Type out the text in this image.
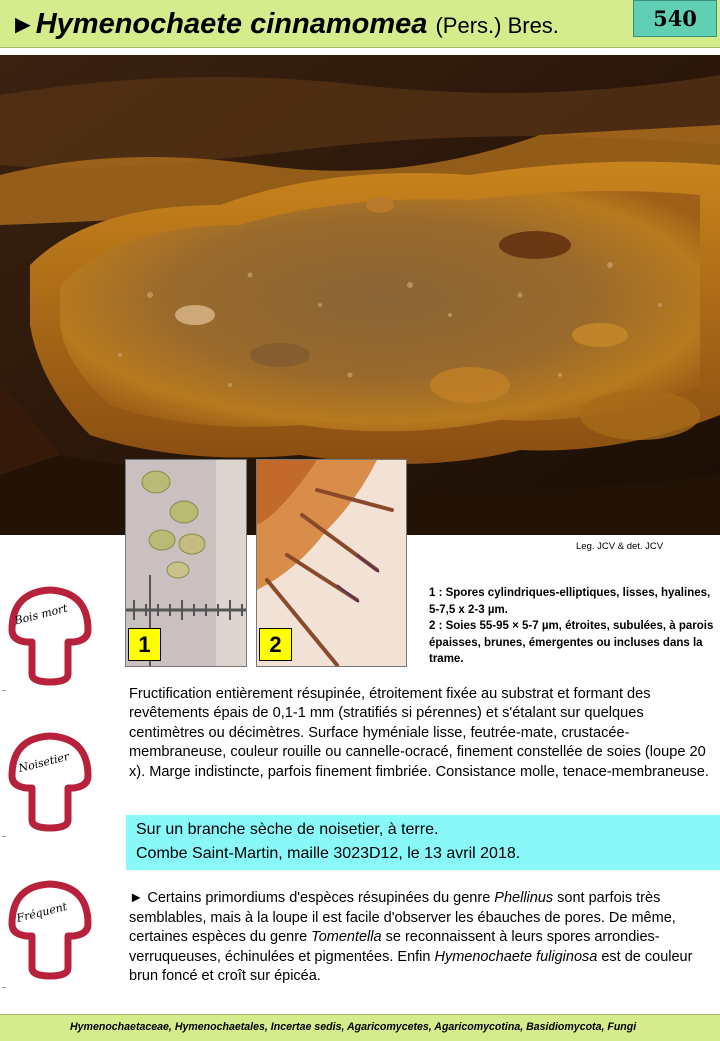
►Hymenochaete cinnamomea (Pers.) Bres.	540
1	2
Leg. JCV & det. JCV

1 : Spores cylindriques-elliptiques, lisses, hyalines, 5-7,5 x 2-3 µm.

2 : Soies 55-95 × 5-7 µm, étroites, subulées, à parois épaisses, brunes, émergentes ou incluses dans la trame.

Bois mort
Noisetier
Fréquent
Fructification entièrement résupinée, étroitement fixée au substrat et formant des revêtements épais de 0,1-1 mm (stratifiés si pérennes) et s'étalant sur quelques centimètres ou décimètres. Surface hyméniale lisse, feutrée-mate, crustacée-membraneuse, couleur rouille ou cannelle-ocracé, finement constellée de soies (loupe 20 x). Marge indistincte, parfois finement fimbriée. Consistance molle, tenace-membraneuse.

Sur un branche sèche de noisetier, à terre.

Combe Saint-Martin, maille 3023D12, le 13 avril 2018.

► Certains primordiums d'espèces résupinées du genre Phellinus sont parfois très semblables, mais à la loupe il est facile d'observer les ébauches de pores. De même, certaines espèces du genre Tomentella se reconnaissent à leurs spores arrondies-verruqueuses, échinulées et pigmentées. Enfin Hymenochaete fuliginosa est de couleur brun foncé et croît sur épicéa.
Hymenochaetaceae, Hymenochaetales, Incertae sedis, Agaricomycetes, Agaricomycotina, Basidiomycota, Fungi
